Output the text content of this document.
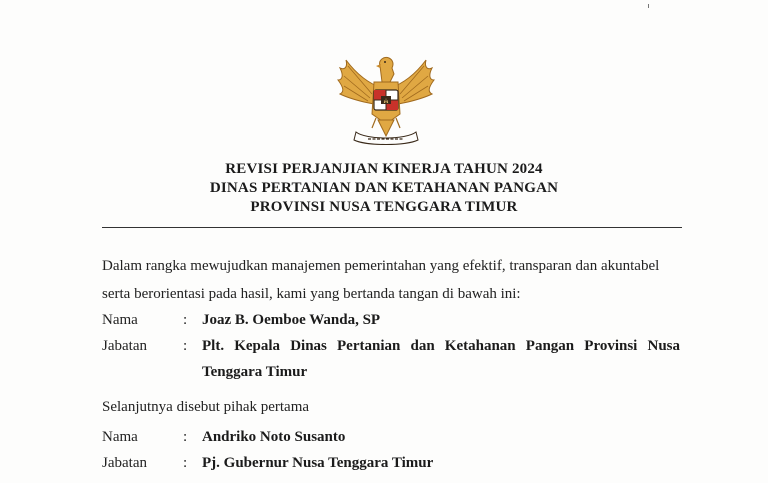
REVISI PERJANJIAN KINERJA TAHUN 2024
DINAS PERTANIAN DAN KETAHANAN PANGAN
PROVINSI NUSA TENGGARA TIMUR
Dalam rangka mewujudkan manajemen pemerintahan yang efektif, transparan dan akuntabel
serta berorientasi pada hasil, kami yang bertanda tangan di bawah ini:
Nama	: Joaz B. Oemboe Wanda, SP
Jabatan : Plt. Kepala Dinas Pertanian dan Ketahanan Pangan Provinsi Nusa
Tenggara Timur
Selanjutnya disebut pihak pertama
Nama	: Andriko Noto Susanto
Jabatan : Pj. Gubernur Nusa Tenggara Timur
